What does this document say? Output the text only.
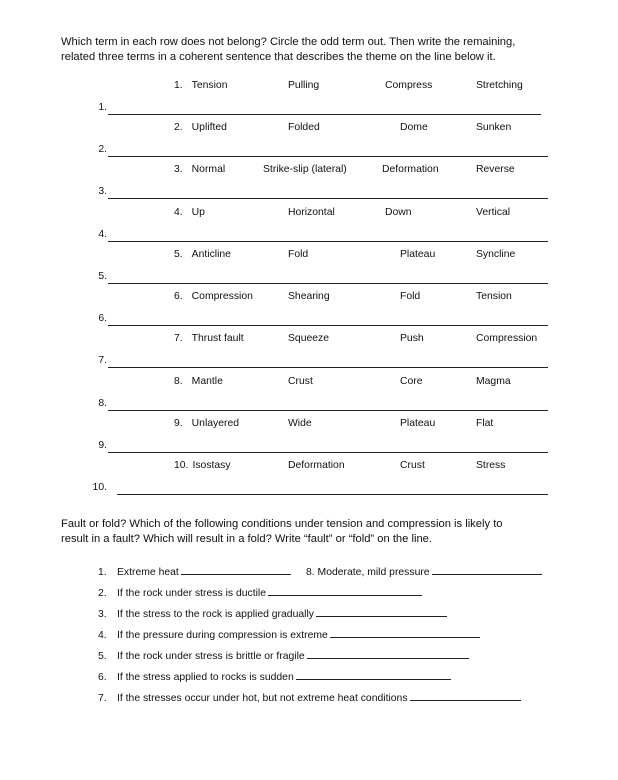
Which term in each row does not belong? Circle the odd term out. Then write the remaining,

related three terms in a coherent sentence that describes the theme on the line below it.

1. Tension	Pulling	Compress	Stretching
1.
2. Uplifted	Folded	Dome	Sunken
2.
3. Normal	Strike-slip (lateral)	Deformation	Reverse
3.
4. Up	Horizontal	Down	Vertical
4.
5. Anticline	Fold	Plateau	Syncline
5.
6. Compression	Shearing	Fold	Tension
6.
7. Thrust fault	Squeeze	Push	Compression
7.
8. Mantle	Crust	Core	Magma
8.
9. Unlayered	Wide	Plateau	Flat
9.
10. Isostasy	Deformation	Crust	Stress
10.

Fault or fold? Which of the following conditions under tension and compression is likely to

result in a fault? Which will result in a fold? Write “fault” or “fold” on the line.

1. Extreme heat
2. If the rock under stress is ductile
3. If the stress to the rock is applied gradually
4. If the pressure during compression is extreme
5. If the rock under stress is brittle or fragile
6. If the stress applied to rocks is sudden
7. If the stresses occur under hot, but not extreme heat conditions
8. Moderate, mild pressure
